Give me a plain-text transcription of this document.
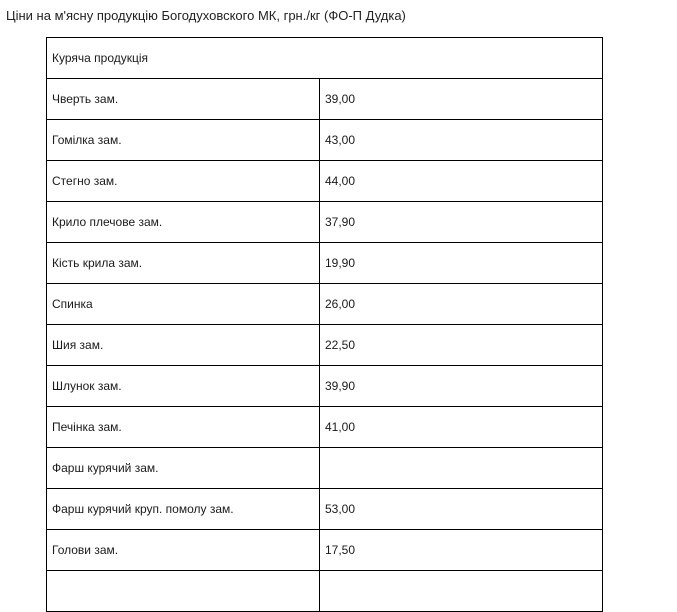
Ціни на м'ясну продукцію Богодуховского МК, грн./кг (ФО-П Дудка)
Куряча продукція	
Чверть зам.	39,00
Гомілка зам.	43,00
Стегно зам.	44,00
Крило плечове зам.	37,90
Кість крила зам.	19,90
Спинка	26,00
Шия зам.	22,50
Шлунок зам.	39,90
Печінка зам.	41,00
Фарш курячий зам.	
Фарш курячий круп. помолу зам.	53,00
Голови зам.	17,50
